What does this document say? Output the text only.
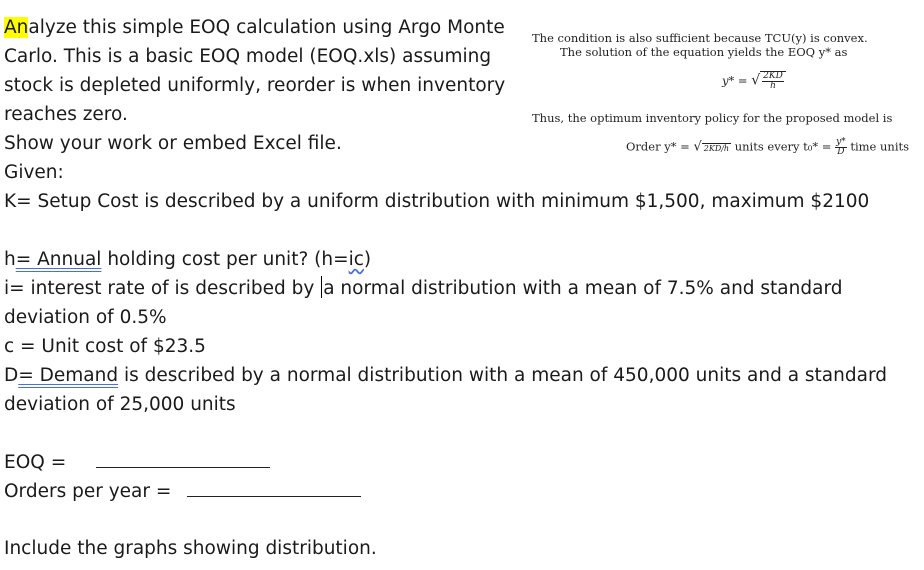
Analyze this simple EOQ calculation using Argo Monte
Carlo. This is a basic EOQ model (EOQ.xls) assuming
stock is depleted uniformly, reorder is when inventory
reaches zero.
Show your work or embed Excel file.
Given:
K= Setup Cost is described by a uniform distribution with minimum $1,500, maximum $2100
h= Annual holding cost per unit? (h=ic)
i= interest rate of is described by a normal distribution with a mean of 7.5% and standard
deviation of 0.5%
c = Unit cost of $23.5
D= Demand is described by a normal distribution with a mean of 450,000 units and a standard
deviation of 25,000 units
EOQ =
Orders per year =
Include the graphs showing distribution.
The condition is also sufficient because TCU(y) is convex.
The solution of the equation yields the EOQ y* as
y* = √ $\frac{2KD}{h}$
Thus, the optimum inventory policy for the proposed model is
Order y* = √ 2KD/h units every $t_0* = \frac{y*}{D}$ time units
